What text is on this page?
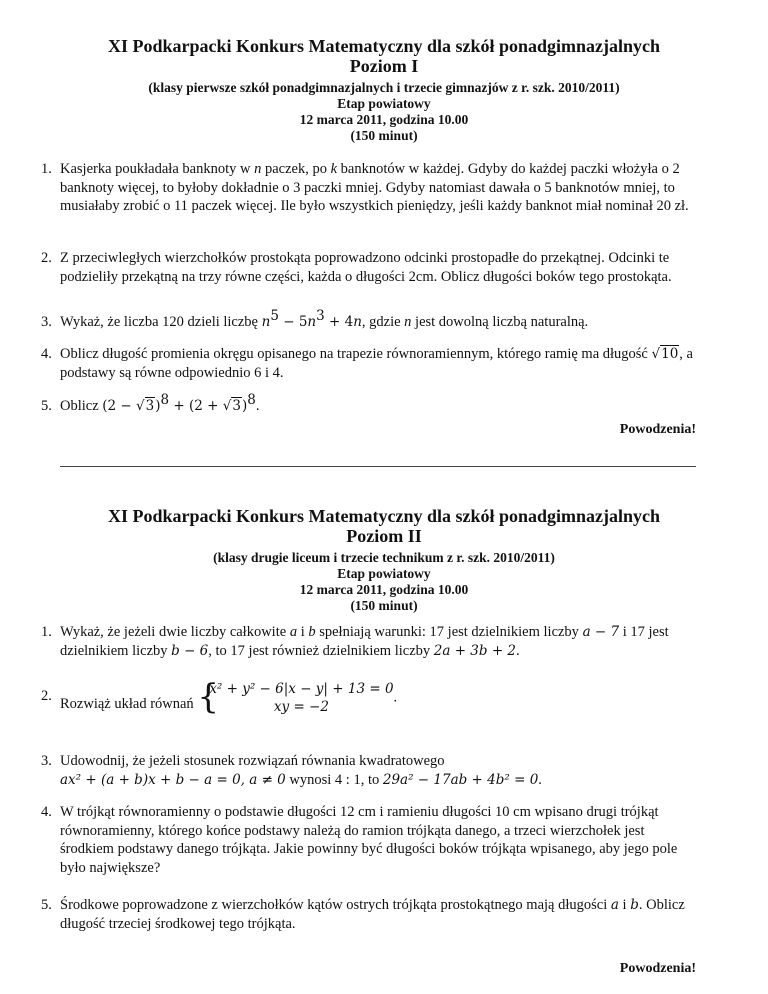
XI Podkarpacki Konkurs Matematyczny dla szkół ponadgimnazjalnych
Poziom I
(klasy pierwsze szkół ponadgimnazjalnych i trzecie gimnazjów z r. szk. 2010/2011)
Etap powiatowy
12 marca 2011, godzina 10.00
(150 minut)
1. Kasjerka poukładała banknoty w n paczek, po k banknotów w każdej. Gdyby do każdej paczki włożyła o 2 banknoty więcej, to byłoby dokładnie o 3 paczki mniej. Gdyby natomiast dawała o 5 banknotów mniej, to musiałaby zrobić o 11 paczek więcej. Ile było wszystkich pieniędzy, jeśli każdy banknot miał nominał 20 zł.
2. Z przeciwległych wierzchołków prostokąta poprowadzono odcinki prostopadłe do przekątnej. Odcinki te podzieliły przekątną na trzy równe części, każda o długości 2cm. Oblicz długości boków tego prostokąta.
3. Wykaż, że liczba 120 dzieli liczbę $n^5 - 5n^3 + 4n$, gdzie n jest dowolną liczbą naturalną.
4. Oblicz długość promienia okręgu opisanego na trapezie równoramiennym, którego ramię ma długość √10, a podstawy są równe odpowiednio 6 i 4.
5. Oblicz $(2 - √3)^8 + (2 + √3)^8$.
Powodzenia!
XI Podkarpacki Konkurs Matematyczny dla szkół ponadgimnazjalnych
Poziom II
(klasy drugie liceum i trzecie technikum z r. szk. 2010/2011)
Etap powiatowy
12 marca 2011, godzina 10.00
(150 minut)
1. Wykaż, że jeżeli dwie liczby całkowite a i b spełniają warunki: 17 jest dzielnikiem liczby a − 7 i 17 jest dzielnikiem liczby b − 6, to 17 jest również dzielnikiem liczby 2a + 3b + 2.
2.
Rozwiąż układ równań {
x² + y² − 6|x − y| + 13 = 0
xy = −2
.
3. Udowodnij, że jeżeli stosunek rozwiązań równania kwadratowego
ax² + (a + b)x + b − a = 0, a ≠ 0 wynosi 4 : 1, to 29a² − 17ab + 4b² = 0.
4. W trójkąt równoramienny o podstawie długości 12 cm i ramieniu długości 10 cm wpisano drugi trójkąt równoramienny, którego końce podstawy należą do ramion trójkąta danego, a trzeci wierzchołek jest środkiem podstawy danego trójkąta. Jakie powinny być długości boków trójkąta wpisanego, aby jego pole było największe?
5. Środkowe poprowadzone z wierzchołków kątów ostrych trójkąta prostokątnego mają długości a i b. Oblicz długość trzeciej środkowej tego trójkąta.
Powodzenia!
